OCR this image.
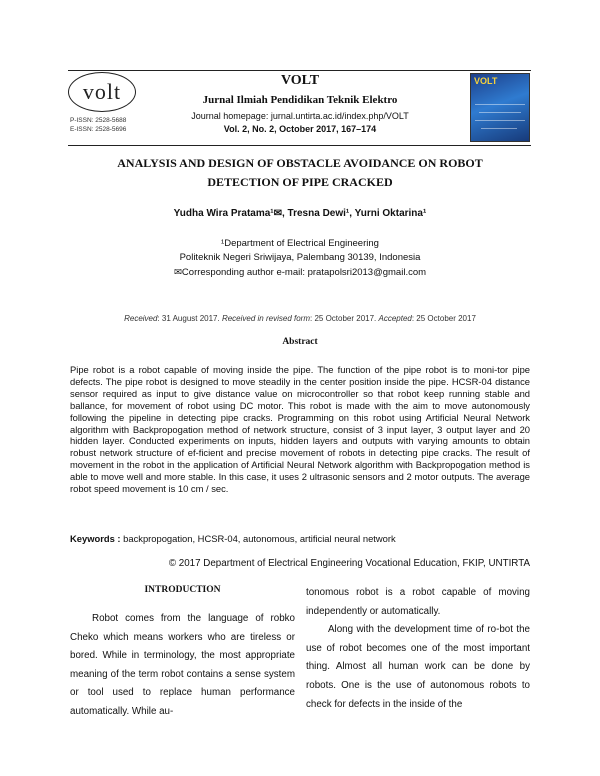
volt
P-ISSN: 2528-5688
E-ISSN: 2528-5696
VOLT
Jurnal Ilmiah Pendidikan Teknik Elektro
Journal homepage: jurnal.untirta.ac.id/index.php/VOLT
Vol. 2, No. 2, October 2017, 167–174
VOLT
ANALYSIS AND DESIGN OF OBSTACLE AVOIDANCE ON ROBOT
DETECTION OF PIPE CRACKED
Yudha Wira Pratama¹✉, Tresna Dewi¹, Yurni Oktarina¹
¹Department of Electrical Engineering
Politeknik Negeri Sriwijaya, Palembang 30139, Indonesia
✉Corresponding author e-mail: pratapolsri2013@gmail.com
Received: 31 August 2017. Received in revised form: 25 October 2017. Accepted: 25 October 2017
Abstract
Pipe robot is a robot capable of moving inside the pipe. The function of the pipe robot is to moni-tor pipe defects. The pipe robot is designed to move steadily in the center position inside the pipe. HCSR-04 distance sensor required as input to give distance value on microcontroller so that robot keep running stable and ballance, for movement of robot using DC motor. This robot is made with the aim to move autonomously following the pipeline in detecting pipe cracks. Programming on this robot using Artificial Neural Network algorithm with Backpropogation method of network structure, consist of 3 input layer, 3 output layer and 20 hidden layer. Conducted experiments on inputs, hidden layers and outputs with varying amounts to obtain robust network structure of ef-ficient and precise movement of robots in detecting pipe cracks. The result of movement in the robot in the application of Artificial Neural Network algorithm with Backpropogation method is able to move well and more stable. In this case, it uses 2 ultrasonic sensors and 2 motor outputs. The average robot speed movement is 10 cm / sec.
Keywords : backpropogation, HCSR-04, autonomous, artificial neural network
© 2017 Department of Electrical Engineering Vocational Education, FKIP, UNTIRTA
INTRODUCTION

Robot comes from the language of robko Cheko which means workers who are tireless or bored. While in terminology, the most appropriate meaning of the term robot contains a sense system or tool used to replace human performance automatically. While au-

tonomous robot is a robot capable of moving independently or automatically.

Along with the development time of ro-bot the use of robot becomes one of the most important thing. Almost all human work can be done by robots. One is the use of autonomous robots to check for defects in the inside of the
